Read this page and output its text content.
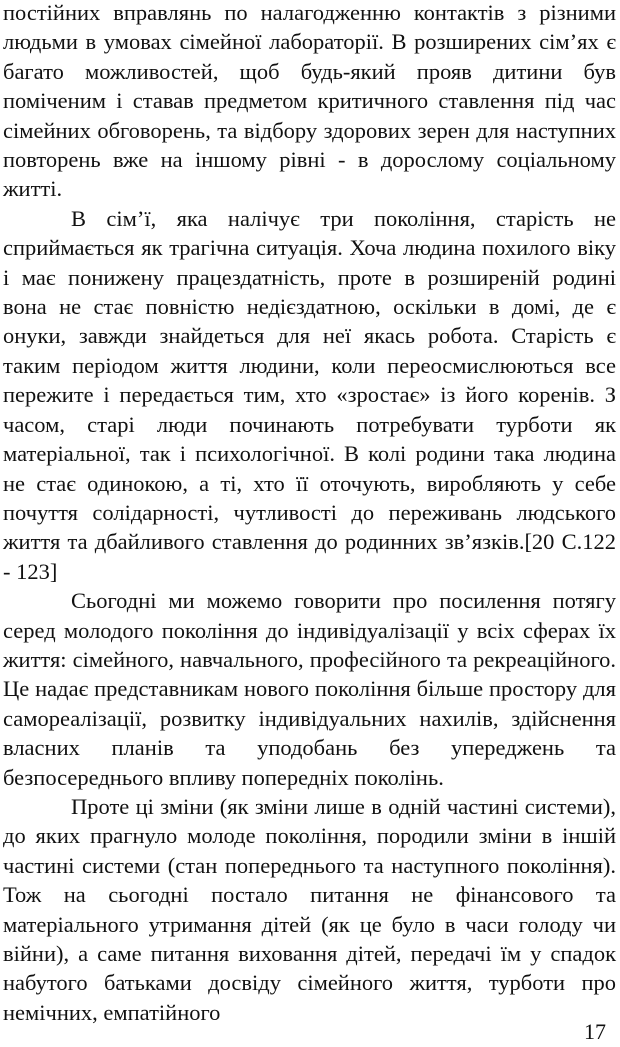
постійних вправлянь по налагодженню контактів з різними людьми в умовах сімейної лабораторії. В розширених сім’ях є багато можливостей, щоб будь-який прояв дитини був поміченим і ставав предметом критичного ставлення під час сімейних обговорень, та відбору здорових зерен для наступних повторень вже на іншому рівні - в дорослому соціальному житті.

В сім’ї, яка налічує три покоління, старість не сприймається як трагічна ситуація. Хоча людина похилого віку і має понижену працездатність, проте в розширеній родині вона не стає повністю недієздатною, оскільки в домі, де є онуки, завжди знайдеться для неї якась робота. Старість є таким періодом життя людини, коли переосмислюються все пережите і передається тим, хто «зростає» із його коренів. З часом, старі люди починають потребувати турботи як матеріальної, так і психологічної. В колі родини така людина не стає одинокою, а ті, хто її оточують, виробляють у себе почуття солідарності, чутливості до переживань людського життя та дбайливого ставлення до родинних зв’язків.[20 С.122 - 123]

Сьогодні ми можемо говорити про посилення потягу серед молодого покоління до індивідуалізації у всіх сферах їх життя: сімейного, навчального, професійного та рекреаційного. Це надає представникам нового покоління більше простору для самореалізації, розвитку індивідуальних нахилів, здійснення власних планів та уподобань без упереджень та безпосереднього впливу попередніх поколінь.

Проте ці зміни (як зміни лише в одній частині системи), до яких прагнуло молоде покоління, породили зміни в іншій частині системи (стан попереднього та наступного покоління). Тож на сьогодні постало питання не фінансового та матеріального утримання дітей (як це було в часи голоду чи війни), а саме питання виховання дітей, передачі їм у спадок набутого батьками досвіду сімейного життя, турботи про немічних, емпатійного

17
